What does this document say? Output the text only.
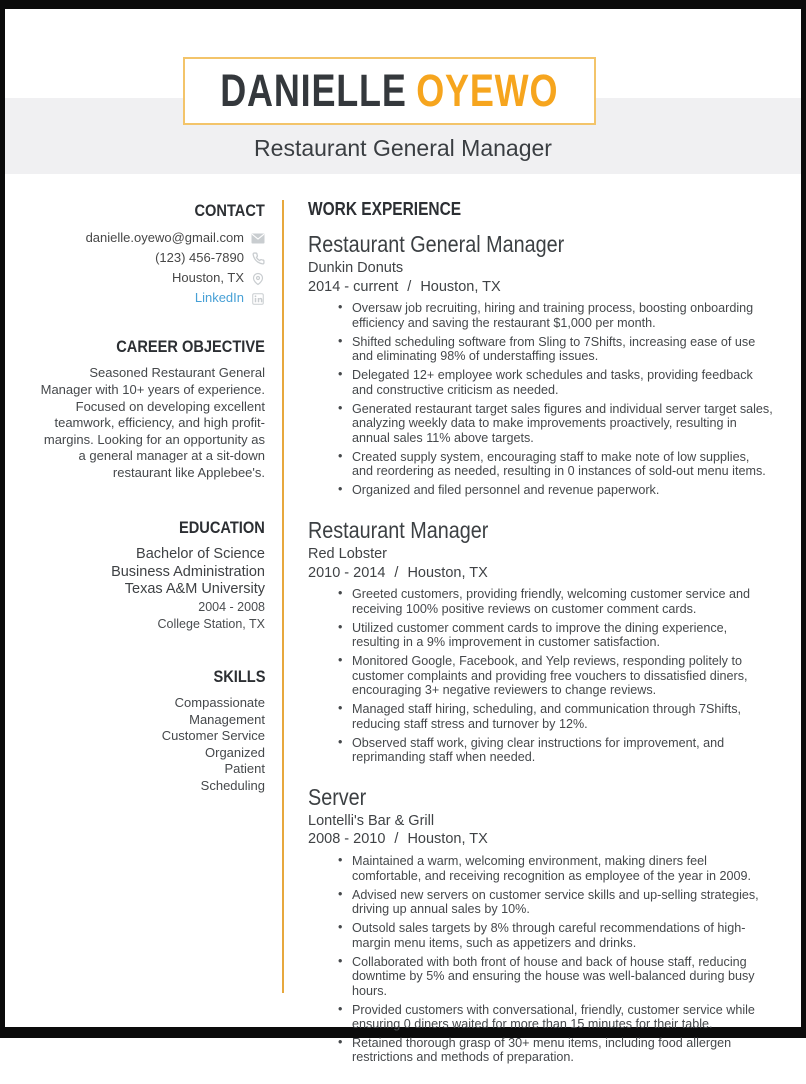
DANIELLE OYEWO
Restaurant General Manager
CONTACT
danielle.oyewo@gmail.com
(123) 456-7890
Houston, TX
LinkedIn
CAREER OBJECTIVE

Seasoned Restaurant General Manager with 10+ years of experience. Focused on developing excellent teamwork, efficiency, and high profit-margins. Looking for an opportunity as a general manager at a sit-down restaurant like Applebee's.

EDUCATION
Bachelor of Science
Business Administration
Texas A&M University
2004 - 2008
College Station, TX
SKILLS
Compassionate
Management
Customer Service
Organized
Patient
Scheduling
WORK EXPERIENCE
Restaurant General Manager
Dunkin Donuts
2014 - current / Houston, TX
• Oversaw job recruiting, hiring and training process, boosting onboarding efficiency and saving the restaurant $1,000 per month.
• Shifted scheduling software from Sling to 7Shifts, increasing ease of use and eliminating 98% of understaffing issues.
• Delegated 12+ employee work schedules and tasks, providing feedback and constructive criticism as needed.
• Generated restaurant target sales figures and individual server target sales, analyzing weekly data to make improvements proactively, resulting in annual sales 11% above targets.
• Created supply system, encouraging staff to make note of low supplies, and reordering as needed, resulting in 0 instances of sold-out menu items.
• Organized and filed personnel and revenue paperwork.
Restaurant Manager
Red Lobster
2010 - 2014 / Houston, TX
• Greeted customers, providing friendly, welcoming customer service and receiving 100% positive reviews on customer comment cards.
• Utilized customer comment cards to improve the dining experience, resulting in a 9% improvement in customer satisfaction.
• Monitored Google, Facebook, and Yelp reviews, responding politely to customer complaints and providing free vouchers to dissatisfied diners, encouraging 3+ negative reviewers to change reviews.
• Managed staff hiring, scheduling, and communication through 7Shifts, reducing staff stress and turnover by 12%.
• Observed staff work, giving clear instructions for improvement, and reprimanding staff when needed.
Server
Lontelli's Bar & Grill
2008 - 2010 / Houston, TX
• Maintained a warm, welcoming environment, making diners feel comfortable, and receiving recognition as employee of the year in 2009.
• Advised new servers on customer service skills and up-selling strategies, driving up annual sales by 10%.
• Outsold sales targets by 8% through careful recommendations of high-margin menu items, such as appetizers and drinks.
• Collaborated with both front of house and back of house staff, reducing downtime by 5% and ensuring the house was well-balanced during busy hours.
• Provided customers with conversational, friendly, customer service while ensuring 0 diners waited for more than 15 minutes for their table.
• Retained thorough grasp of 30+ menu items, including food allergen restrictions and methods of preparation.
